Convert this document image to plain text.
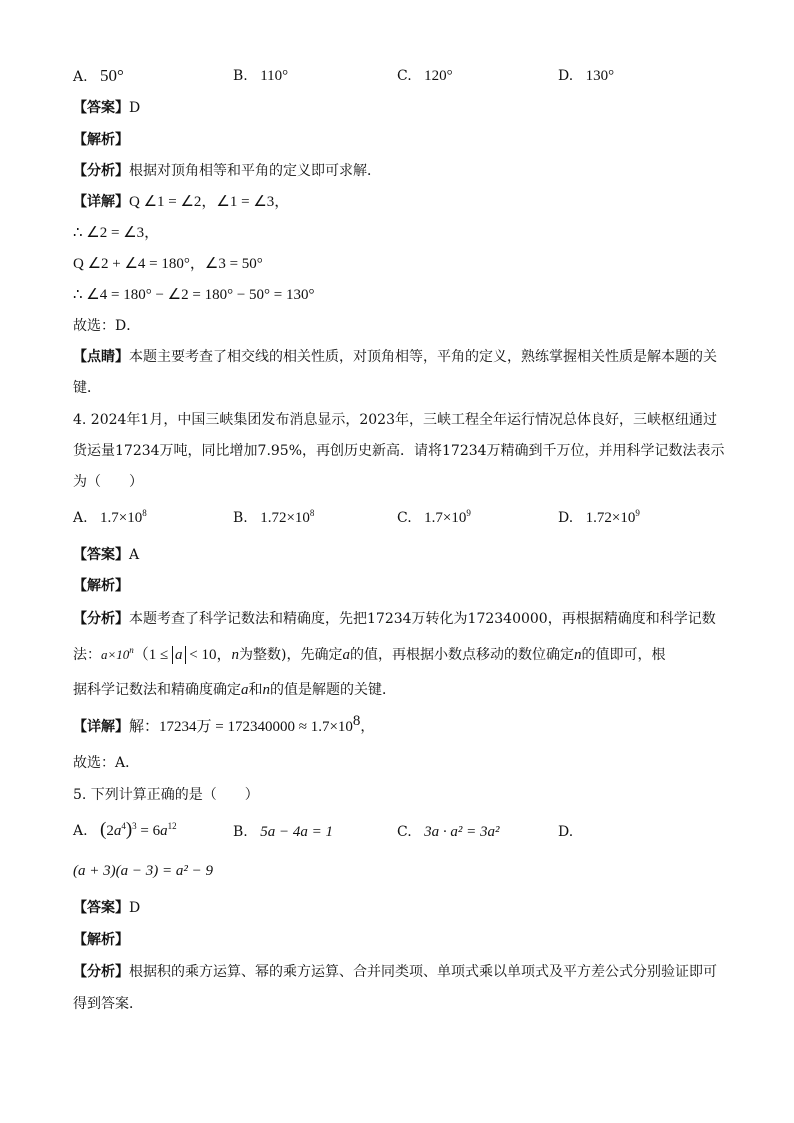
A. 50°	B. 110°	C. 120°	D. 130°
【答案】D
【解析】
【分析】根据对顶角相等和平角的定义即可求解．
【详解】Q ∠1 = ∠2，∠1 = ∠3，
∴ ∠2 = ∠3，
Q ∠2 + ∠4 = 180°，∠3 = 50°
∴ ∠4 = 180° − ∠2 = 180° − 50° = 130°
故选：D．
【点睛】本题主要考查了相交线的相关性质，对顶角相等，平角的定义，熟练掌握相关性质是解本题的关
键．
4. 2024年1月，中国三峡集团发布消息显示，2023年，三峡工程全年运行情况总体良好，三峡枢纽通过
货运量17234万吨，同比增加7.95%，再创历史新高．请将17234万精确到千万位，并用科学记数法表示
为（　　）
A. $1.7\times 10^8$	B. $1.72\times 10^8$	C. $1.7\times 10^9$	D. $1.72\times 10^9$
【答案】A
【解析】
【分析】本题考查了科学记数法和精确度，先把17234万转化为172340000，再根据精确度和科学记数
法：$a\times 10^n(1 \le a < 10$，n为整数)，先确定a的值，再根据小数点移动的数位确定n的值即可，根
据科学记数法和精确度确定a和n的值是解题的关键．
【详解】解：17234万 = $172340000 \approx 1.7\times 10^8$，
故选：A．
5. 下列计算正确的是（　　）
A. $(2a^4)^3 = 6a^{12}$	B. 5a − 4a = 1	C. 3a · a² = 3a²	D.
(a + 3)(a − 3) = a² − 9
【答案】D
【解析】
【分析】根据积的乘方运算、幂的乘方运算、合并同类项、单项式乘以单项式及平方差公式分别验证即可
得到答案．
